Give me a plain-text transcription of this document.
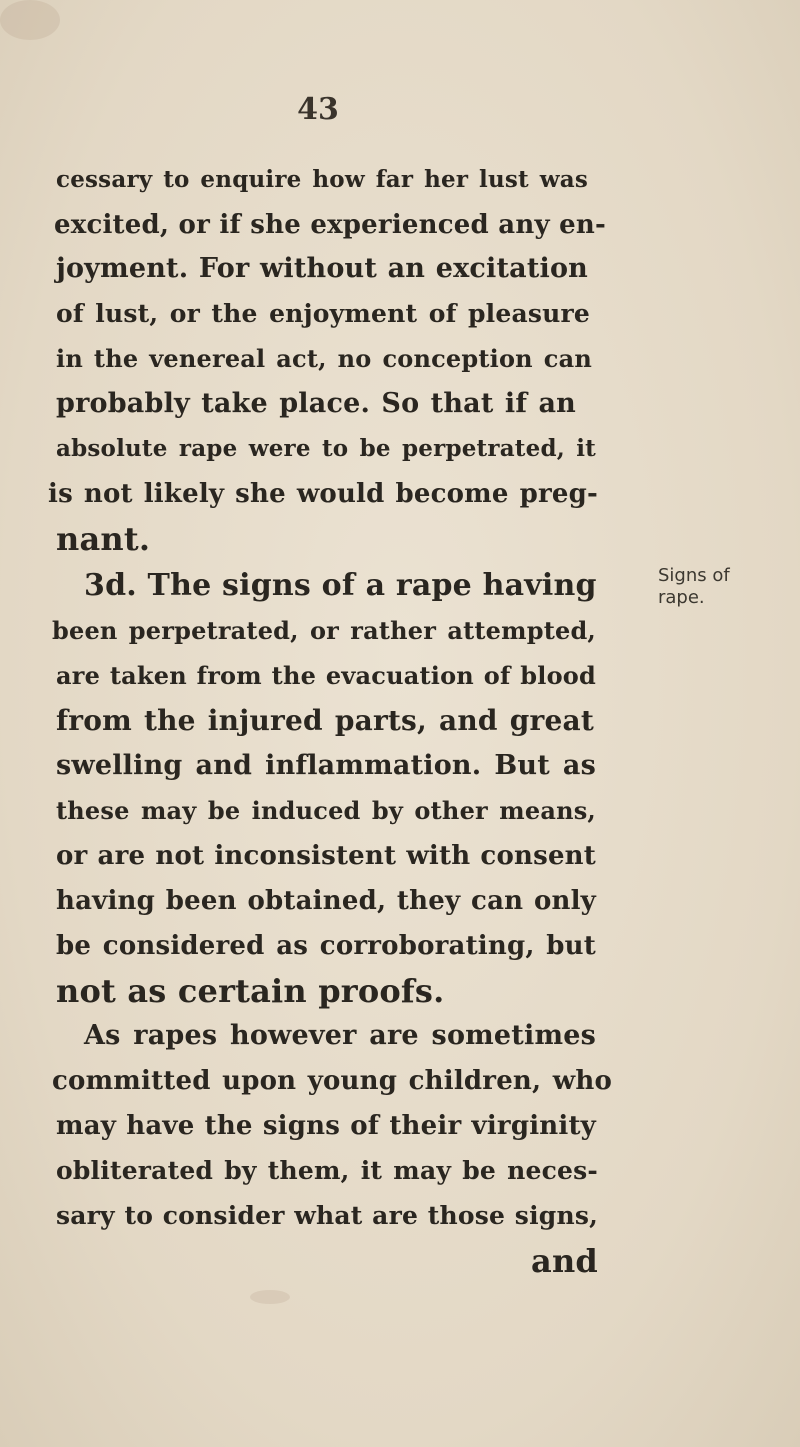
43
cessary to enquire how far her lust was
excited, or if she experienced any en-
joyment. For without an excitation
of lust, or the enjoyment of pleasure
in the venereal act, no conception can
probably take place. So that if an
absolute rape were to be perpetrated, it
is not likely she would become preg-
nant.
3d. The signs of a rape having
been perpetrated, or rather attempted,
are taken from the evacuation of blood
from the injured parts, and great
swelling and inflammation. But as
these may be induced by other means,
or are not inconsistent with consent
having been obtained, they can only
be considered as corroborating, but
not as certain proofs.
As rapes however are sometimes
committed upon young children, who
may have the signs of their virginity
obliterated by them, it may be neces-
sary to consider what are those signs,
and
Signs of
rape.
